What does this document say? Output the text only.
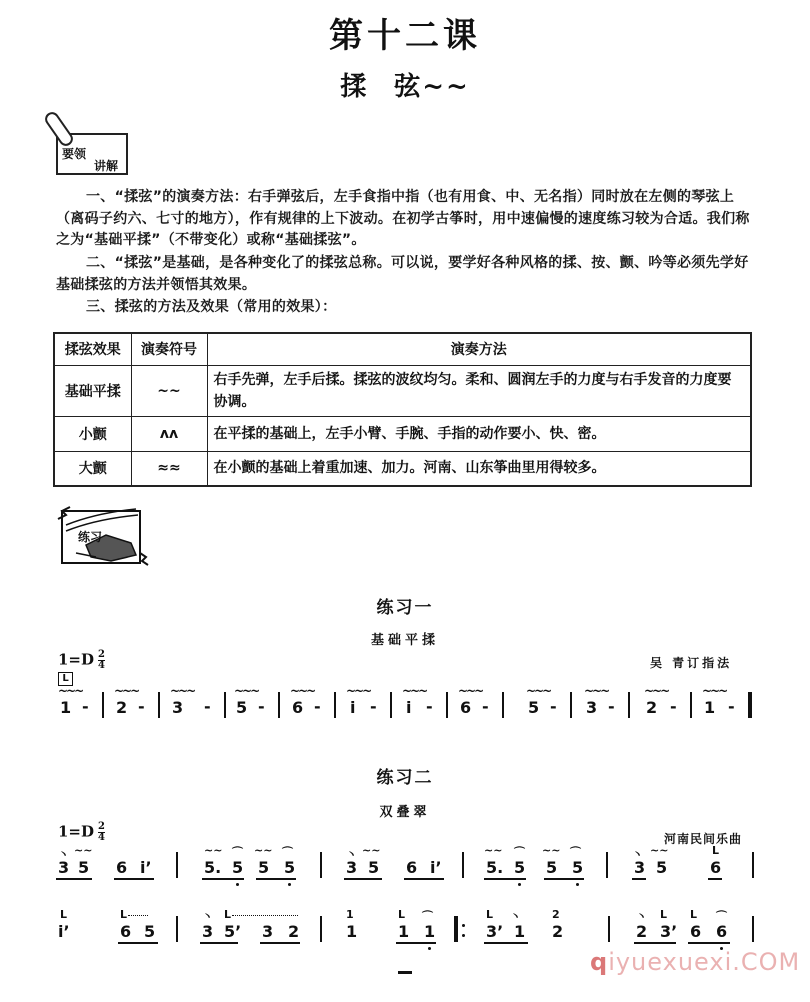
第十二课
揉 弦~~
要领
讲解
一、“揉弦”的演奏方法：右手弹弦后，左手食指中指（也有用食、中、无名指）同时放在左侧的琴弦上（离码子约六、七寸的地方），作有规律的上下波动。在初学古筝时，用中速偏慢的速度练习较为合适。我们称之为“基础平揉”（不带变化）或称“基础揉弦”。
二、“揉弦”是基础，是各种变化了的揉弦总称。可以说，要学好各种风格的揉、按、颤、吟等必须先学好基础揉弦的方法并领悟其效果。
三、揉弦的方法及效果（常用的效果）：
揉弦效果	演奏符号	演奏方法
基础平揉	~~	右手先弹，左手后揉。揉弦的波纹均匀。柔和、圆润左手的力度与右手发音的力度要协调。
小颤	ʌʌ	在平揉的基础上，左手小臂、手腕、手指的动作要小、快、密。
大颤	≈≈	在小颤的基础上着重加速、加力。河南、山东筝曲里用得较多。
练习
练习一
基础平揉
$1=D \frac{2}{4}$	吴 青订指法
L
~~~
1 -
~~~
2 -
~~~
3 -
~~~
5 -
~~~
6 -
~~~
i -
~~~
i -
~~~
6 -
~~~
5 -
~~~
3 -
~~~
2 -
~~~
1 -
练习二
双叠翠
$1=D \frac{2}{4}$	河南民间乐曲
丶 ~~
3 5 6 i’
~~ ⌒
5. 5
~~ ⌒
5 5
丶 ~~
3 5 6 i’
~~ ⌒
5. 5
~~ ⌒
5 5
丶 ~~
3 5
L
6
L
i’
L
6 5
丶 L
3 5’ 3 2
1
1
L ⌒
1 1
L 丶
3’ 1
2
2
丶 L
2 3’
L ⌒
6 6
qiyuexuexi.COM
